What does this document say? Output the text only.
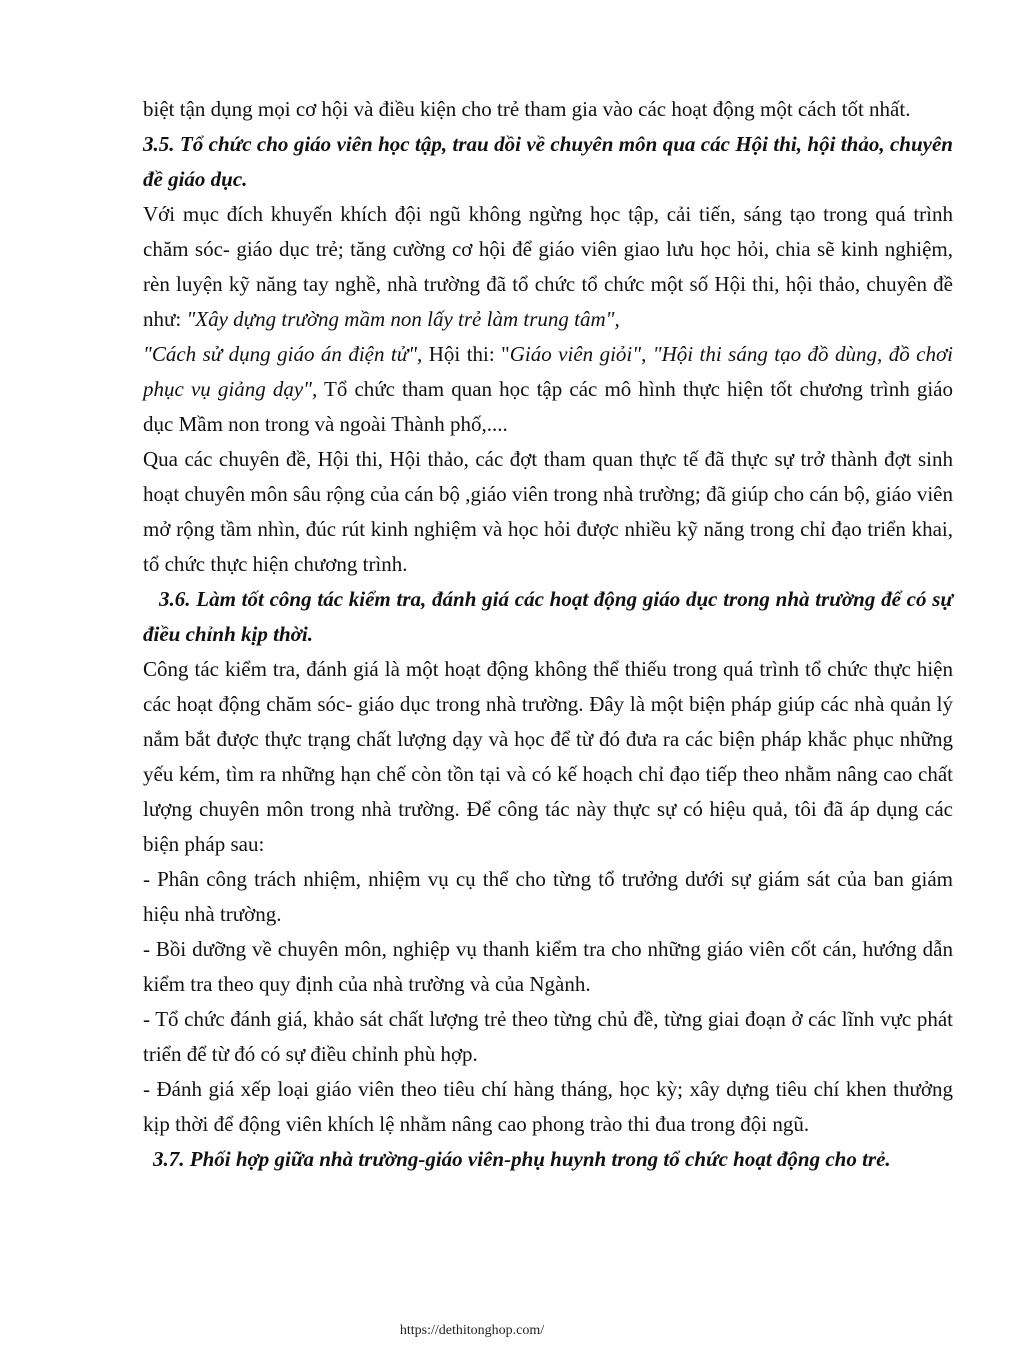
biệt tận dụng mọi cơ hội và điều kiện cho trẻ tham gia vào các hoạt động một cách tốt nhất.

3.5. Tổ chức cho giáo viên học tập, trau dồi về chuyên môn qua các Hội thi, hội thảo, chuyên đề giáo dục.

Với mục đích khuyến khích đội ngũ không ngừng học tập, cải tiến, sáng tạo trong quá trình chăm sóc- giáo dục trẻ; tăng cường cơ hội để giáo viên giao lưu học hỏi, chia sẽ kinh nghiệm, rèn luyện kỹ năng tay nghề, nhà trường đã tổ chức tổ chức một số Hội thi, hội thảo, chuyên đề như: "Xây dựng trường mầm non lấy trẻ làm trung tâm",
"Cách sử dụng giáo án điện tử", Hội thi: "Giáo viên giỏi", "Hội thi sáng tạo đồ dùng, đồ chơi phục vụ giảng dạy", Tổ chức tham quan học tập các mô hình thực hiện tốt chương trình giáo dục Mầm non trong và ngoài Thành phố,....

Qua các chuyên đề, Hội thi, Hội thảo, các đợt tham quan thực tế đã thực sự trở thành đợt sinh hoạt chuyên môn sâu rộng của cán bộ ,giáo viên trong nhà trường; đã giúp cho cán bộ, giáo viên mở rộng tầm nhìn, đúc rút kinh nghiệm và học hỏi được nhiều kỹ năng trong chỉ đạo triển khai, tổ chức thực hiện chương trình.

3.6. Làm tốt công tác kiểm tra, đánh giá các hoạt động giáo dục trong nhà trường để có sự điều chỉnh kịp thời.

Công tác kiểm tra, đánh giá là một hoạt động không thể thiếu trong quá trình tổ chức thực hiện các hoạt động chăm sóc- giáo dục trong nhà trường. Đây là một biện pháp giúp các nhà quản lý nắm bắt được thực trạng chất lượng dạy và học để từ đó đưa ra các biện pháp khắc phục những yếu kém, tìm ra những hạn chế còn tồn tại và có kế hoạch chỉ đạo tiếp theo nhằm nâng cao chất lượng chuyên môn trong nhà trường. Để công tác này thực sự có hiệu quả, tôi đã áp dụng các biện pháp sau:

- Phân công trách nhiệm, nhiệm vụ cụ thể cho từng tổ trưởng dưới sự giám sát của ban giám hiệu nhà trường.

- Bồi dưỡng về chuyên môn, nghiệp vụ thanh kiểm tra cho những giáo viên cốt cán, hướng dẫn kiểm tra theo quy định của nhà trường và của Ngành.

- Tổ chức đánh giá, khảo sát chất lượng trẻ theo từng chủ đề, từng giai đoạn ở các lĩnh vực phát triển để từ đó có sự điều chỉnh phù hợp.

- Đánh giá xếp loại giáo viên theo tiêu chí hàng tháng, học kỳ; xây dựng tiêu chí khen thưởng kịp thời để động viên khích lệ nhằm nâng cao phong trào thi đua trong đội ngũ.

3.7. Phối hợp giữa nhà trường-giáo viên-phụ huynh trong tổ chức hoạt động cho trẻ.

https://dethitonghop.com/
